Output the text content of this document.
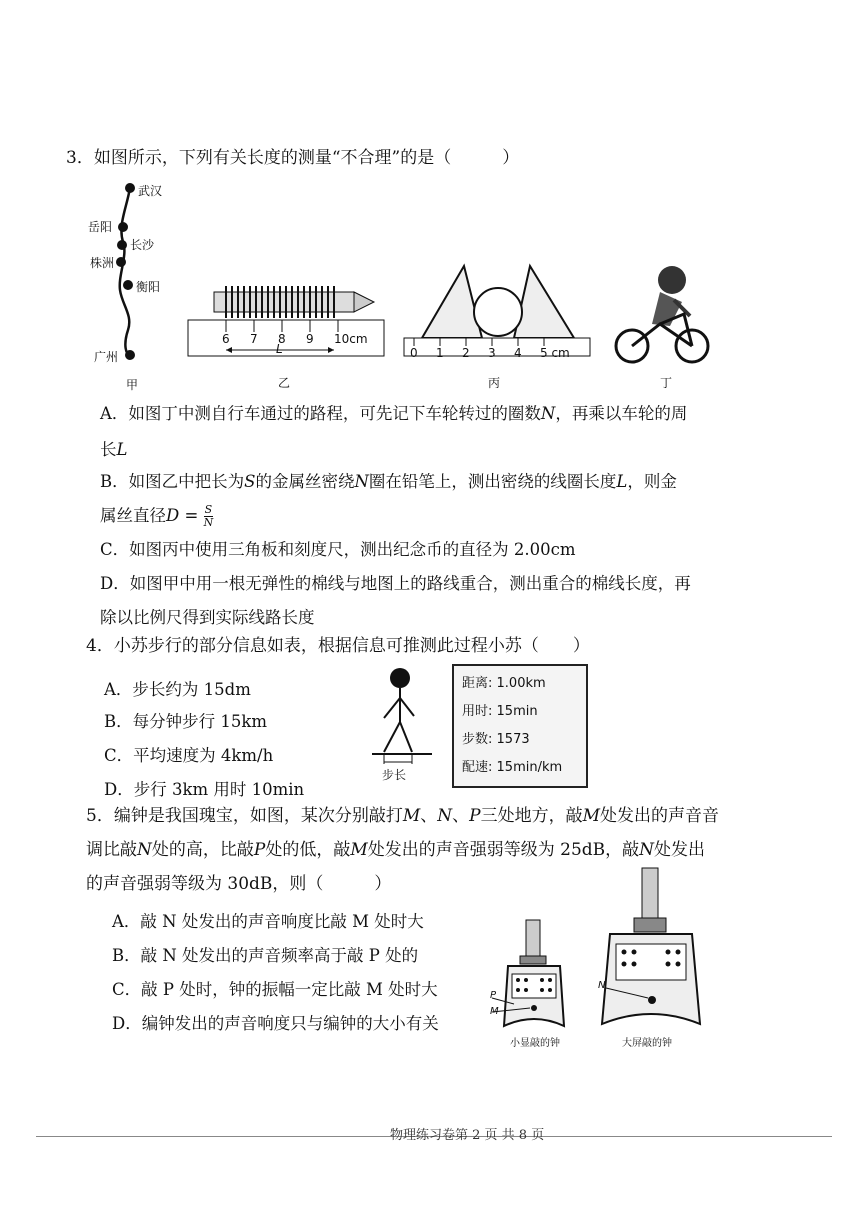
3．如图所示，下列有关长度的测量“不合理”的是（　　　）
武汉
岳阳
长沙
株洲
衡阳
广州
甲
6 7 8 9 10cm
L
乙
0 1 2 3 4 5 cm
丙	丁
A．如图丁中测自行车通过的路程，可先记下车轮转过的圈数N，再乘以车轮的周
长L
B．如图乙中把长为S的金属丝密绕N圈在铅笔上，测出密绕的线圈长度L，则金
属丝直径$D = \frac{S}{N}$
C．如图丙中使用三角板和刻度尺，测出纪念币的直径为 2.00cm
D．如图甲中用一根无弹性的棉线与地图上的路线重合，测出重合的棉线长度，再
除以比例尺得到实际线路长度
4．小苏步行的部分信息如表，根据信息可推测此过程小苏（　　）
A．步长约为 15dm
B．每分钟步行 15km
C．平均速度为 4km/h
D．步行 3km 用时 10min
步长
距离: 1.00km
用时: 15min
步数: 1573
配速: 15min/km
5．编钟是我国瑰宝，如图，某次分别敲打M、N、P三处地方，敲M处发出的声音音
调比敲N处的高，比敲P处的低，敲M处发出的声音强弱等级为 25dB，敲N处发出
的声音强弱等级为 30dB，则（　　　）
A．敲 N 处发出的声音响度比敲 M 处时大
B．敲 N 处发出的声音频率高于敲 P 处的
C．敲 P 处时，钟的振幅一定比敲 M 处时大
D．编钟发出的声音响度只与编钟的大小有关
P
M
小显敲的钟
N
大屏敲的钟
物理练习卷第 2 页 共 8 页
